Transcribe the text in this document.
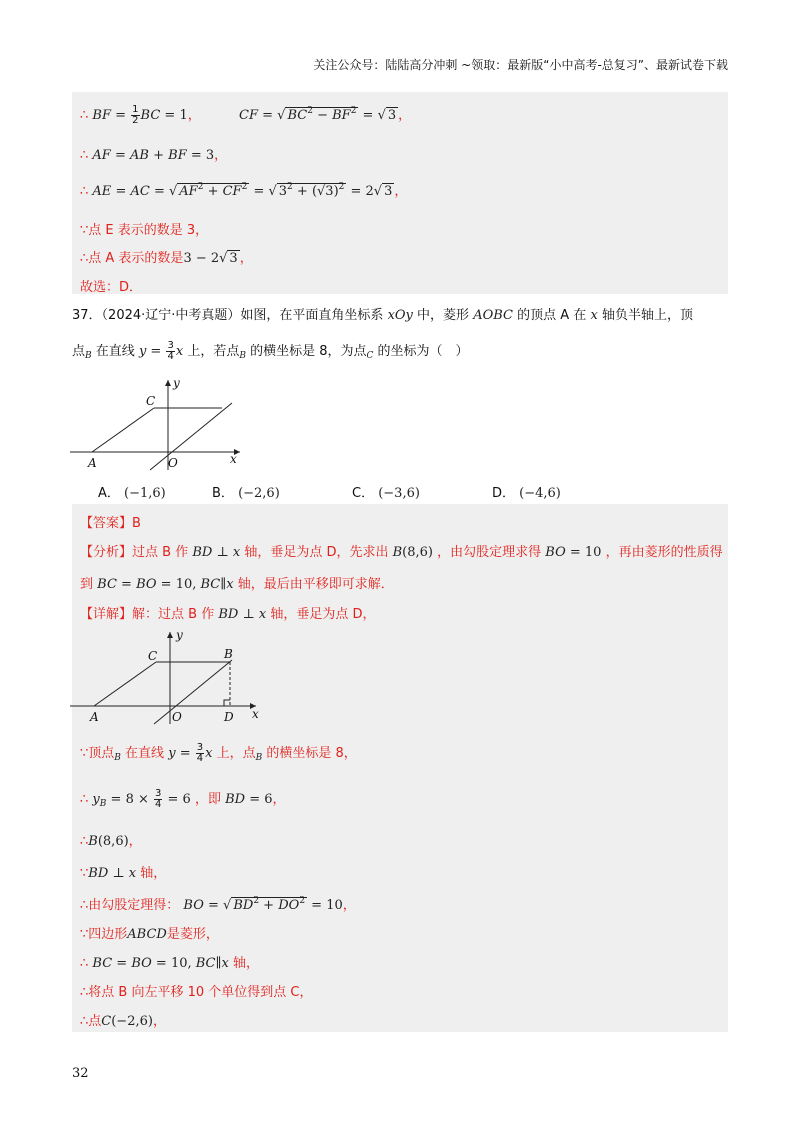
关注公众号：陆陆高分冲刺 ~领取：最新版“小中高考-总复习”、最新试卷下载
∴ BF = $\frac{1}{2}$ BC = 1，	CF = √ $BC^2 - BF^2$ = √ 3 ，
∴ AF = AB + BF = 3，
∴ AE = AC = √ $AF^2 + CF^2$ = √ $3^2 + (√3)^2 = 2√$ 3 ，
∵点 E 表示的数是 3，
∴点 A 表示的数是3 − 2√ 3 ，
故选：D．
37．（2024·辽宁·中考真题）如图，在平面直角坐标系 xOy 中，菱形 AOBC 的顶点 A 在 x 轴负半轴上，顶
点$_B$ 在直线 $y = \frac{3}{4}$ x 上，若点$_B$ 的横坐标是 8，为点$_C$ 的坐标为（　）
C
A	O	x
y
A． (−1,6)	B． (−2,6)	C． (−3,6)	D． (−4,6)
【答案】B
【分析】过点 B 作 BD ⊥ x 轴，垂足为点 D，先求出 B(8,6) ，由勾股定理求得 BO = 10 ，再由菱形的性质得
到 BC = BO = 10, BC∥x 轴，最后由平移即可求解．
【详解】解：过点 B 作 BD ⊥ x 轴，垂足为点 D，
C	B
A	O	D x
y
∵顶点$_B$ 在直线 $y = \frac{3}{4}$ x 上，点$_B$ 的横坐标是 8，
∴ $y_B = 8 \times \frac{3}{4} = 6$ ，即 BD = 6，
∴B(8,6)，
∵BD ⊥ x 轴，
∴由勾股定理得： BO = √ $BD^2 + DO^2 = 10$，
∵四边形ABCD是菱形，
∴ BC = BO = 10, BC∥x 轴，
∴将点 B 向左平移 10 个单位得到点 C，
∴点C(−2,6)，
32
